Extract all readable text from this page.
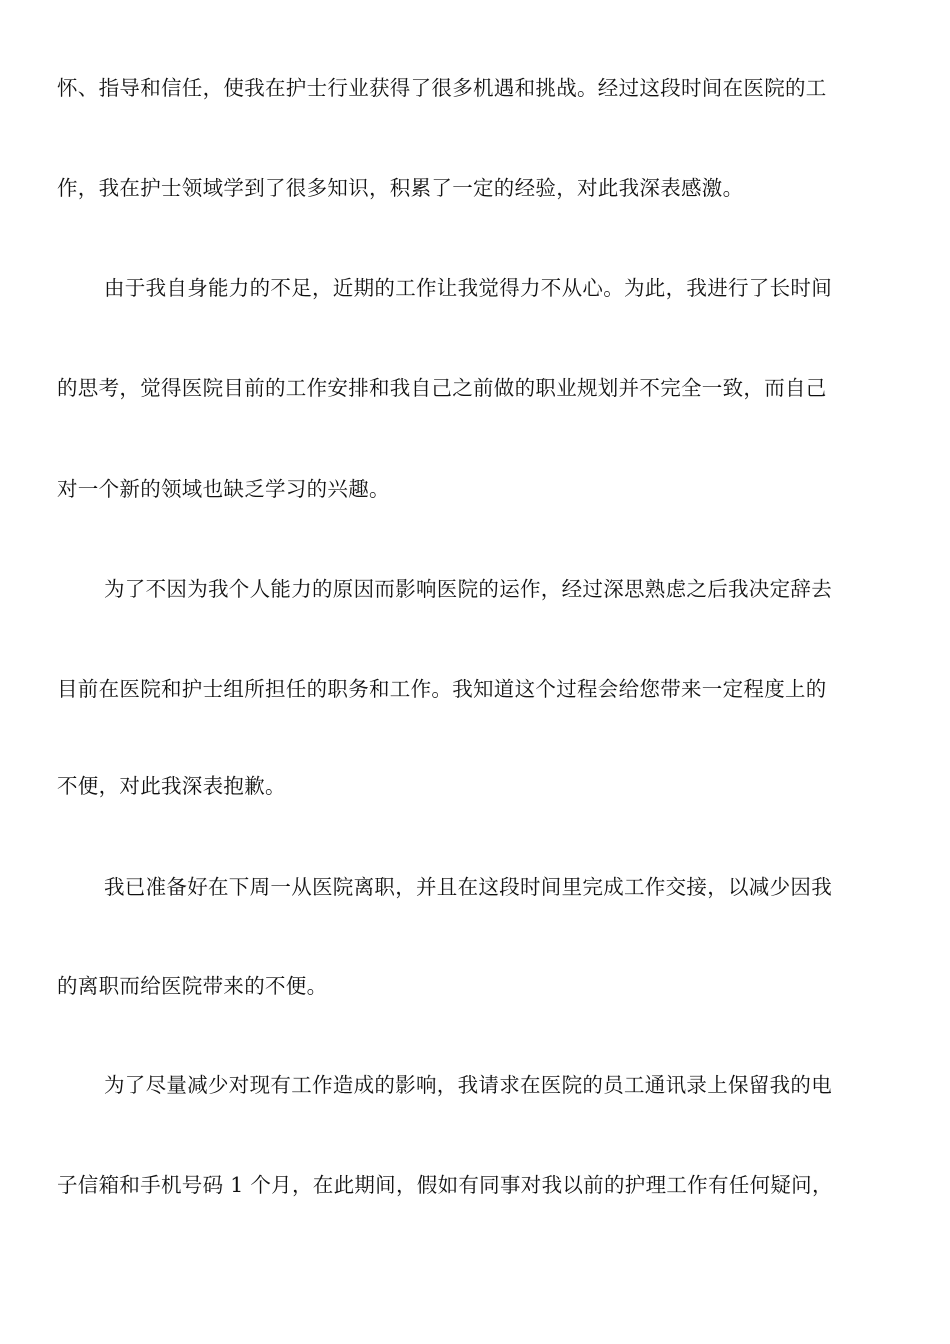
怀、指导和信任，使我在护士行业获得了很多机遇和挑战。经过这段时间在医院的工
作，我在护士领域学到了很多知识，积累了一定的经验，对此我深表感激。
由于我自身能力的不足，近期的工作让我觉得力不从心。为此，我进行了长时间
的思考，觉得医院目前的工作安排和我自己之前做的职业规划并不完全一致，而自己
对一个新的领域也缺乏学习的兴趣。
为了不因为我个人能力的原因而影响医院的运作，经过深思熟虑之后我决定辞去
目前在医院和护士组所担任的职务和工作。我知道这个过程会给您带来一定程度上的
不便，对此我深表抱歉。
我已准备好在下周一从医院离职，并且在这段时间里完成工作交接，以减少因我
的离职而给医院带来的不便。
为了尽量减少对现有工作造成的影响，我请求在医院的员工通讯录上保留我的电
子信箱和手机号码 1 个月，在此期间，假如有同事对我以前的护理工作有任何疑问，
